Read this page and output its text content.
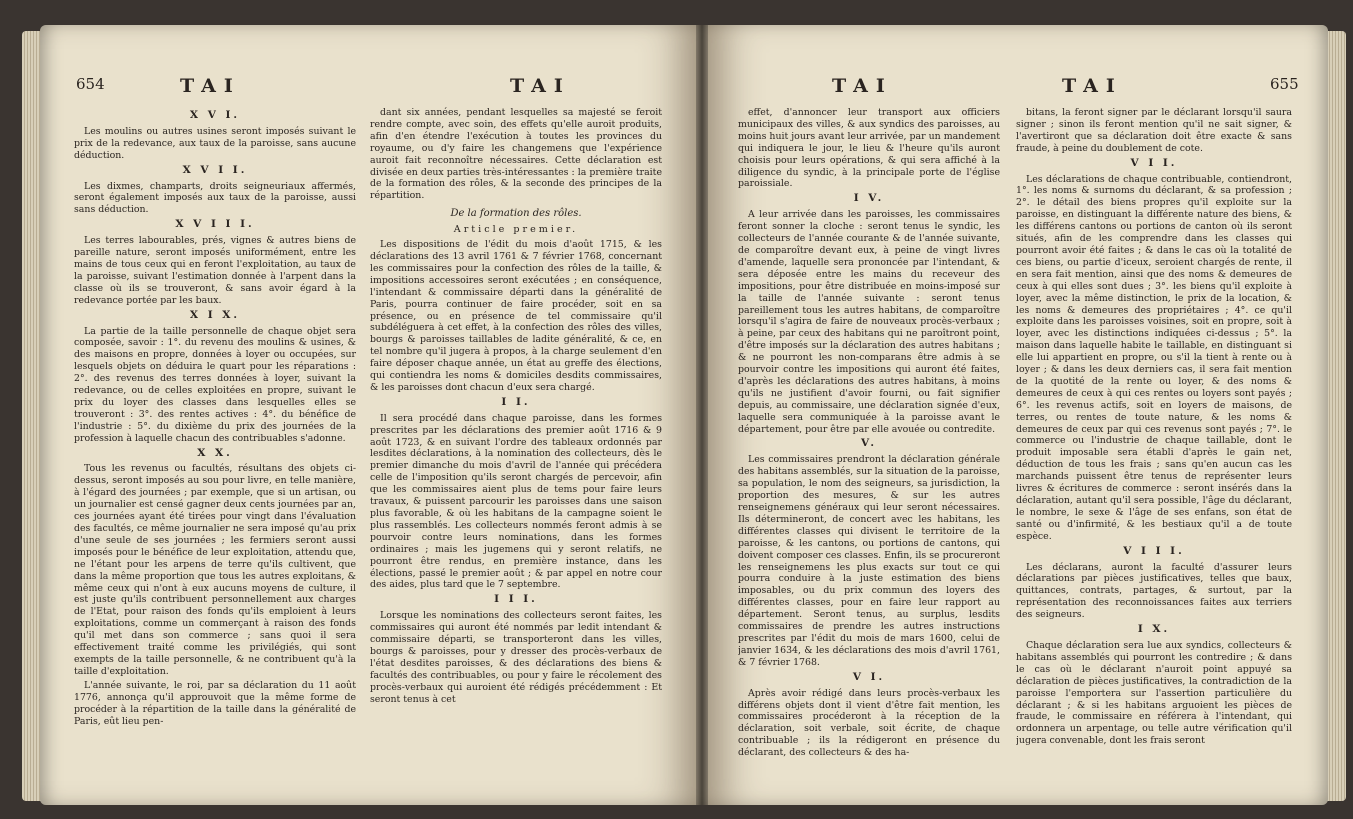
654	TAI	TAI
X V I.

Les moulins ou autres usines seront imposés suivant le prix de la redevance, aux taux de la paroisse, sans aucune déduction.

X V I I.

Les dixmes, champarts, droits seigneuriaux affermés, seront également imposés aux taux de la paroisse, aussi sans déduction.

X V I I I.

Les terres labourables, prés, vignes & autres biens de pareille nature, seront imposés uniformément, entre les mains de tous ceux qui en feront l'exploitation, au taux de la paroisse, suivant l'estimation donnée à l'arpent dans la classe où ils se trouveront, & sans avoir égard à la redevance portée par les baux.

X I X.

La partie de la taille personnelle de chaque objet sera composée, savoir : 1°. du revenu des moulins & usines, & des maisons en propre, données à loyer ou occupées, sur lesquels objets on déduira le quart pour les réparations : 2°. des revenus des terres données à loyer, suivant la redevance, ou de celles exploitées en propre, suivant le prix du loyer des classes dans lesquelles elles se trouveront : 3°. des rentes actives : 4°. du bénéfice de l'industrie : 5°. du dixième du prix des journées de la profession à laquelle chacun des contribuables s'adonne.

X X.

Tous les revenus ou facultés, résultans des objets ci-dessus, seront imposés au sou pour livre, en telle manière, à l'égard des journées ; par exemple, que si un artisan, ou un journalier est censé gagner deux cents journées par an, ces journées ayant été tirées pour vingt dans l'évaluation des facultés, ce même journalier ne sera imposé qu'au prix d'une seule de ses journées ; les fermiers seront aussi imposés pour le bénéfice de leur exploitation, attendu que, ne l'étant pour les arpens de terre qu'ils cultivent, que dans la même proportion que tous les autres exploitans, & même ceux qui n'ont à eux aucuns moyens de culture, il est juste qu'ils contribuent personnellement aux charges de l'Etat, pour raison des fonds qu'ils emploient à leurs exploitations, comme un commerçant à raison des fonds qu'il met dans son commerce ; sans quoi il sera effectivement traité comme les privilégiés, qui sont exempts de la taille personnelle, & ne contribuent qu'à la taille d'exploitation.

L'année suivante, le roi, par sa déclaration du 11 août 1776, annonça qu'il approuvoit que la même forme de procéder à la répartition de la taille dans la généralité de Paris, eût lieu pen-

dant six années, pendant lesquelles sa majesté se feroit rendre compte, avec soin, des effets qu'elle auroit produits, afin d'en étendre l'exécution à toutes les provinces du royaume, ou d'y faire les changemens que l'expérience auroit fait reconnoître nécessaires. Cette déclaration est divisée en deux parties très-intéressantes : la première traite de la formation des rôles, & la seconde des principes de la répartition.

De la formation des rôles.
Article premier.

Les dispositions de l'édit du mois d'août 1715, & les déclarations des 13 avril 1761 & 7 février 1768, concernant les commissaires pour la confection des rôles de la taille, & impositions accessoires seront exécutées ; en conséquence, l'intendant & commissaire départi dans la généralité de Paris, pourra continuer de faire procéder, soit en sa présence, ou en présence de tel commissaire qu'il subdéléguera à cet effet, à la confection des rôles des villes, bourgs & paroisses taillables de ladite généralité, & ce, en tel nombre qu'il jugera à propos, à la charge seulement d'en faire déposer chaque année, un état au greffe des élections, qui contiendra les noms & domiciles desdits commissaires, & les paroisses dont chacun d'eux sera chargé.

I I.

Il sera procédé dans chaque paroisse, dans les formes prescrites par les déclarations des premier août 1716 & 9 août 1723, & en suivant l'ordre des tableaux ordonnés par lesdites déclarations, à la nomination des collecteurs, dès le premier dimanche du mois d'avril de l'année qui précédera celle de l'imposition qu'ils seront chargés de percevoir, afin que les commissaires aient plus de tems pour faire leurs travaux, & puissent parcourir les paroisses dans une saison plus favorable, & où les habitans de la campagne soient le plus rassemblés. Les collecteurs nommés feront admis à se pourvoir contre leurs nominations, dans les formes ordinaires ; mais les jugemens qui y seront relatifs, ne pourront être rendus, en première instance, dans les élections, passé le premier août ; & par appel en notre cour des aides, plus tard que le 7 septembre.

I I I.

Lorsque les nominations des collecteurs seront faites, les commissaires qui auront été nommés par ledit intendant & commissaire départi, se transporteront dans les villes, bourgs & paroisses, pour y dresser des procès-verbaux de l'état desdites paroisses, & des déclarations des biens & facultés des contribuables, ou pour y faire le récolement des procès-verbaux qui auroient été rédigés précédemment : Et seront tenus à cet

TAI	TAI	655

effet, d'annoncer leur transport aux officiers municipaux des villes, & aux syndics des paroisses, au moins huit jours avant leur arrivée, par un mandement qui indiquera le jour, le lieu & l'heure qu'ils auront choisis pour leurs opérations, & qui sera affiché à la diligence du syndic, à la principale porte de l'église paroissiale.

I V.

A leur arrivée dans les paroisses, les commissaires feront sonner la cloche : seront tenus le syndic, les collecteurs de l'année courante & de l'année suivante, de comparoître devant eux, à peine de vingt livres d'amende, laquelle sera prononcée par l'intendant, & sera déposée entre les mains du receveur des impositions, pour être distribuée en moins-imposé sur la taille de l'année suivante : seront tenus pareillement tous les autres habitans, de comparoître lorsqu'il s'agira de faire de nouveaux procès-verbaux ; à peine, par ceux des habitans qui ne paroîtront point, d'être imposés sur la déclaration des autres habitans ; & ne pourront les non-comparans être admis à se pourvoir contre les impositions qui auront été faites, d'après les déclarations des autres habitans, à moins qu'ils ne justifient d'avoir fourni, ou fait signifier depuis, au commissaire, une déclaration signée d'eux, laquelle sera communiquée à la paroisse avant le département, pour être par elle avouée ou contredite.

V.

Les commissaires prendront la déclaration générale des habitans assemblés, sur la situation de la paroisse, sa population, le nom des seigneurs, sa jurisdiction, la proportion des mesures, & sur les autres renseignemens généraux qui leur seront nécessaires. Ils détermineront, de concert avec les habitans, les différentes classes qui divisent le territoire de la paroisse, & les cantons, ou portions de cantons, qui doivent composer ces classes. Enfin, ils se procureront les renseignemens les plus exacts sur tout ce qui pourra conduire à la juste estimation des biens imposables, ou du prix commun des loyers des différentes classes, pour en faire leur rapport au département. Seront tenus, au surplus, lesdits commissaires de prendre les autres instructions prescrites par l'édit du mois de mars 1600, celui de janvier 1634, & les déclarations des mois d'avril 1761, & 7 février 1768.

V I.

Après avoir rédigé dans leurs procès-verbaux les différens objets dont il vient d'être fait mention, les commissaires procéderont à la réception de la déclaration, soit verbale, soit écrite, de chaque contribuable ; ils la rédigeront en présence du déclarant, des collecteurs & des ha-

bitans, la feront signer par le déclarant lorsqu'il saura signer ; sinon ils feront mention qu'il ne sait signer, & l'avertiront que sa déclaration doit être exacte & sans fraude, à peine du doublement de cote.

V I I.

Les déclarations de chaque contribuable, contiendront, 1°. les noms & surnoms du déclarant, & sa profession ; 2°. le détail des biens propres qu'il exploite sur la paroisse, en distinguant la différente nature des biens, & les différens cantons ou portions de canton où ils seront situés, afin de les comprendre dans les classes qui pourront avoir été faites ; & dans le cas où la totalité de ces biens, ou partie d'iceux, seroient chargés de rente, il en sera fait mention, ainsi que des noms & demeures de ceux à qui elles sont dues ; 3°. les biens qu'il exploite à loyer, avec la même distinction, le prix de la location, & les noms & demeures des propriétaires ; 4°. ce qu'il exploite dans les paroisses voisines, soit en propre, soit à loyer, avec les distinctions indiquées ci-dessus ; 5°. la maison dans laquelle habite le taillable, en distinguant si elle lui appartient en propre, ou s'il la tient à rente ou à loyer ; & dans les deux derniers cas, il sera fait mention de la quotité de la rente ou loyer, & des noms & demeures de ceux à qui ces rentes ou loyers sont payés ; 6°. les revenus actifs, soit en loyers de maisons, de terres, ou rentes de toute nature, & les noms & demeures de ceux par qui ces revenus sont payés ; 7°. le commerce ou l'industrie de chaque taillable, dont le produit imposable sera établi d'après le gain net, déduction de tous les frais ; sans qu'en aucun cas les marchands puissent être tenus de représenter leurs livres & écritures de commerce : seront insérés dans la déclaration, autant qu'il sera possible, l'âge du déclarant, le nombre, le sexe & l'âge de ses enfans, son état de santé ou d'infirmité, & les bestiaux qu'il a de toute espèce.

V I I I.

Les déclarans, auront la faculté d'assurer leurs déclarations par pièces justificatives, telles que baux, quittances, contrats, partages, & surtout, par la représentation des reconnoissances faites aux terriers des seigneurs.

I X.

Chaque déclaration sera lue aux syndics, collecteurs & habitans assemblés qui pourront les contredire ; & dans le cas où le déclarant n'auroit point appuyé sa déclaration de pièces justificatives, la contradiction de la paroisse l'emportera sur l'assertion particulière du déclarant ; & si les habitans arguoient les pièces de fraude, le commissaire en référera à l'intendant, qui ordonnera un arpentage, ou telle autre vérification qu'il jugera convenable, dont les frais seront
